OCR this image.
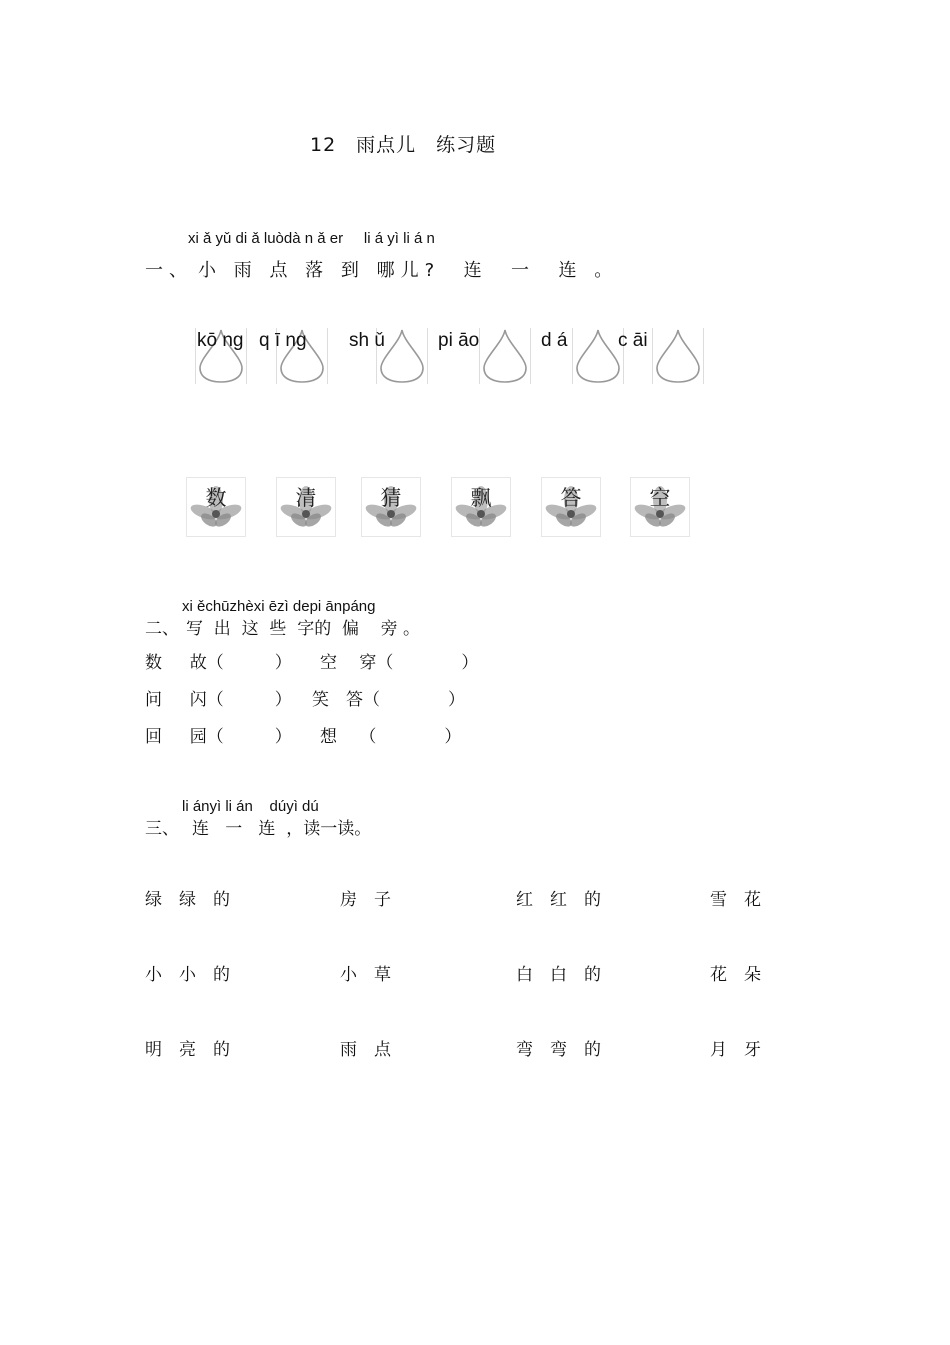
12　雨点儿　练习题
xi ǎ yǔ di ǎ luòdà n ǎ er     li á yì li á n
一、 小 雨 点 落 到 哪儿?  连  一  连 。
kō ng q ī ng sh ǔ	pi āo	d á	c āi
数	清	猜	飘	答	空
xi ěchūzhèxi ēzì depi ānpáng
二、 写  出  这  些  字的  偏    旁 。
数　  故（　　　） 空　 穿（　　　　）
问　  闪（　　　） 笑　答（　　　　）
回　  园（　　　） 想　 （　　　　）
li ányì li án    dúyì dú
三、 连   一   连  ，读一读。
绿　绿　的	房　子	红　红　的	雪　花
小　小　的	小　草	白　白　的	花　朵
明　亮　的	雨　点	弯　弯　的	月　牙
